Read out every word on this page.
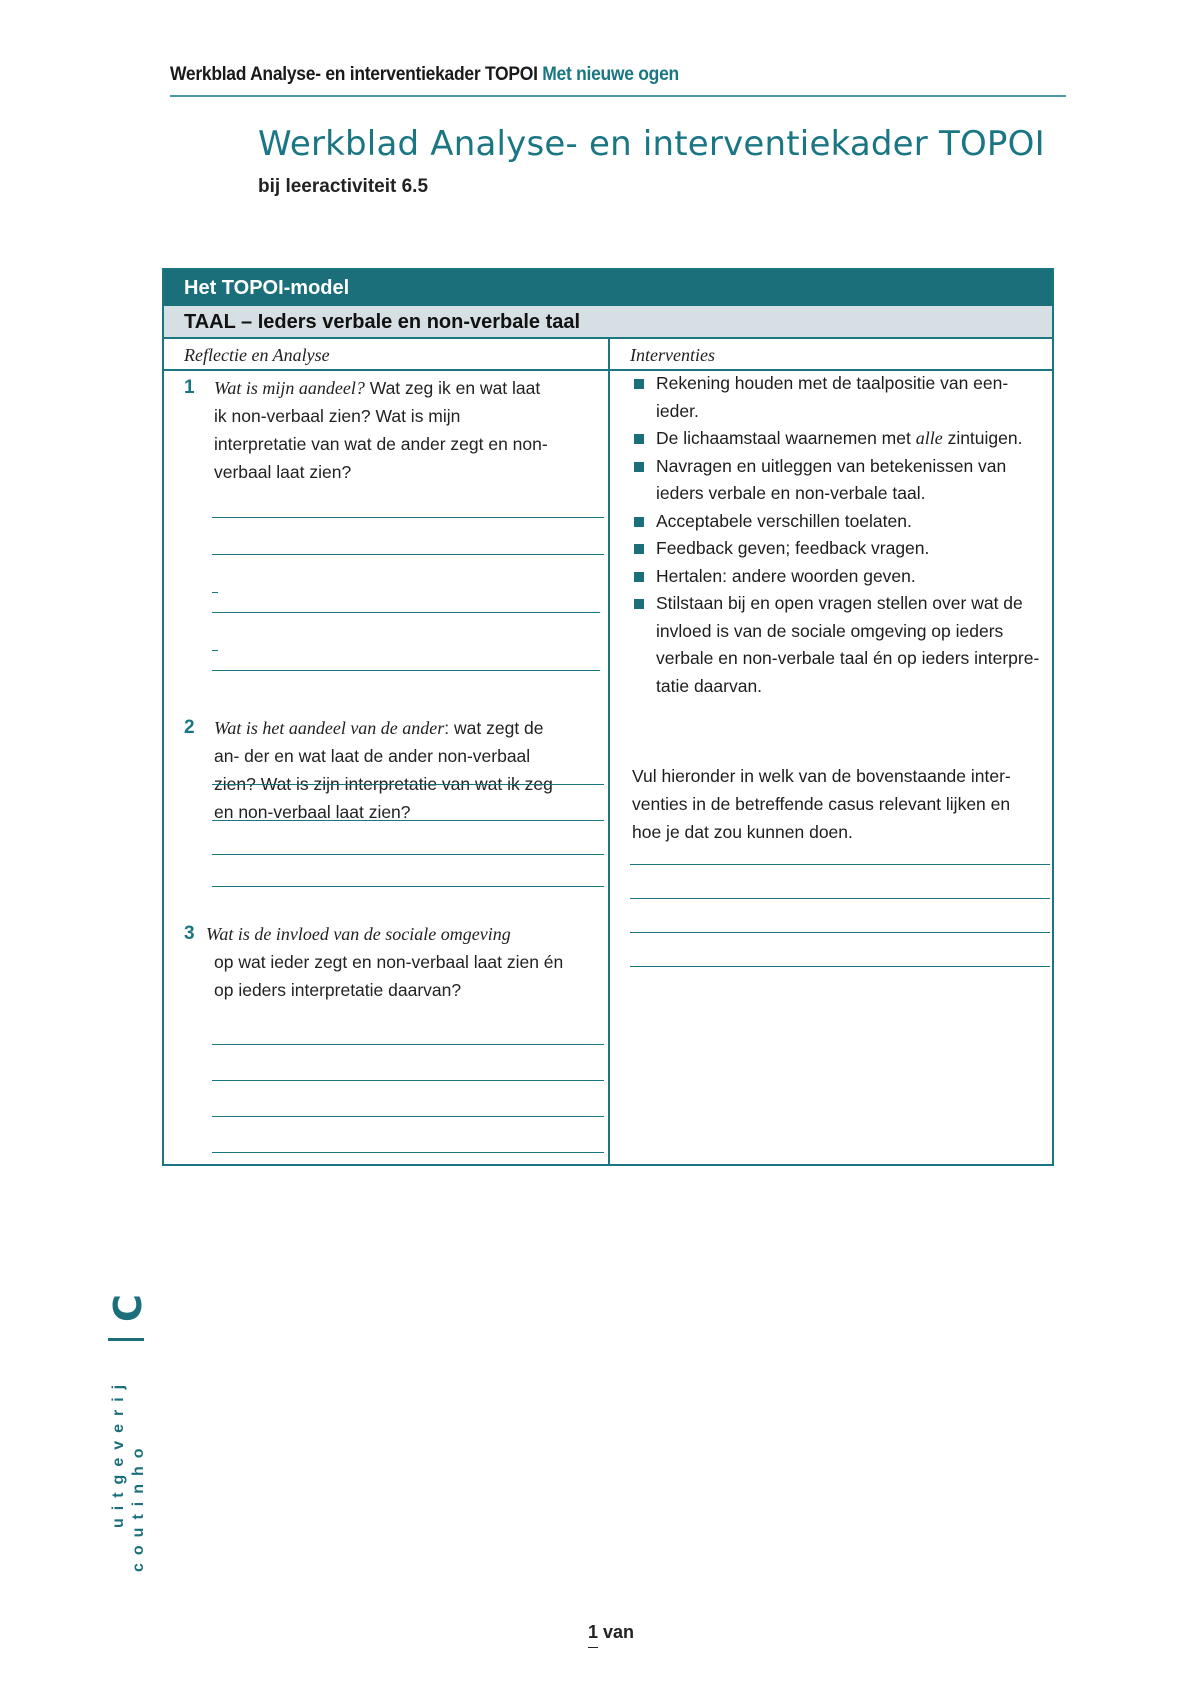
Werkblad Analyse- en interventiekader TOPOI Met nieuwe ogen
Werkblad Analyse- en interventiekader TOPOI
bij leeractiviteit 6.5
Het TOPOI-model
TAAL – Ieders verbale en non-verbale taal
Reflectie en Analyse	Interventies
1 Wat is mijn aandeel? Wat zeg ik en wat laat ik non-verbaal zien? Wat is mijn interpretatie van wat de ander zegt en non-verbaal laat zien?
2 Wat is het aandeel van de ander: wat zegt de an- der en wat laat de ander non-verbaal zien? Wat is zijn interpretatie van wat ik zeg en non-verbaal laat zien?
3 Wat is de invloed van de sociale omgeving
op wat ieder zegt en non-verbaal laat zien én op ieders interpretatie daarvan?
Rekening houden met de taalpositie van een- ieder.
De lichaamstaal waarnemen met alle zintuigen.
Navragen en uitleggen van betekenissen van ieders verbale en non-verbale taal.
Acceptabele verschillen toelaten.
Feedback geven; feedback vragen.
Hertalen: andere woorden geven.
Stilstaan bij en open vragen stellen over wat de invloed is van de sociale omgeving op ieders verbale en non-verbale taal én op ieders interpre- tatie daarvan.
Vul hieronder in welk van de bovenstaande inter- venties in de betreffende casus relevant lijken en hoe je dat zou kunnen doen.
C
uitgeverij coutinho
1 van
